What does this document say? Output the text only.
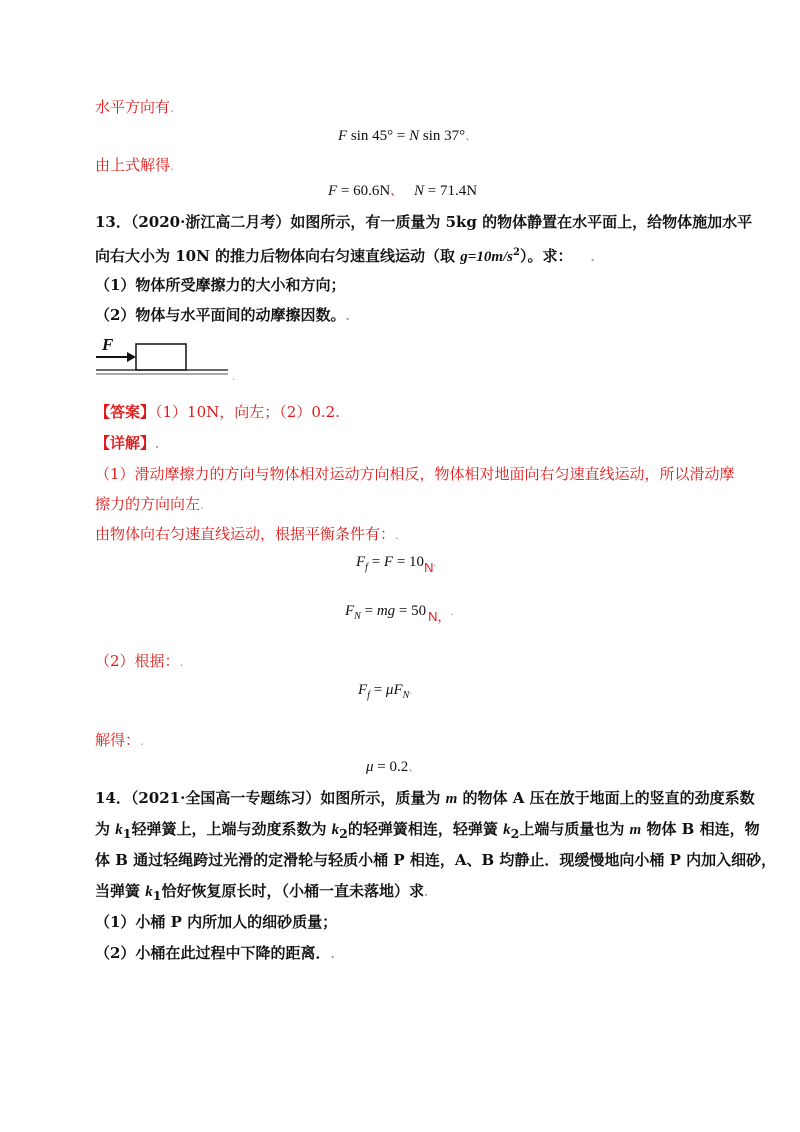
水平方向有.
F sin 45° = N sin 37°、
由上式解得.
F = 60.6N、 N = 71.4N
13．（2020·浙江高二月考）如图所示，有一质量为 5kg 的物体静置在水平面上，给物体施加水平
向右大小为 10N 的推力后物体向右匀速直线运动（取 $g=10m/s^2$）。求： .
（1）物体所受摩擦力的大小和方向；
（2）物体与水平面间的动摩擦因数。.
F
.
【答案】（1）10N，向左；（2）0.2.
【详解】.
（1）滑动摩擦力的方向与物体相对运动方向相反，物体相对地面向右匀速直线运动，所以滑动摩
擦力的方向向左.
由物体向右匀速直线运动，根据平衡条件有：.
$F_f = F = 10N$.
$F_N$ = mg = 50 N，.
（2）根据：.
$F_f = \mu F_N$.
解得：.
μ = 0.2、
14．（2021·全国高一专题练习）如图所示，质量为 m 的物体 A 压在放于地面上的竖直的劲度系数
为 $k_1$轻弹簧上，上端与劲度系数为 $k_2$的轻弹簧相连，轻弹簧 $k_2$上端与质量也为 m 物体 B 相连，物
体 B 通过轻绳跨过光滑的定滑轮与轻质小桶 P 相连，A、B 均静止．现缓慢地向小桶 P 内加入细砂，
当弹簧 $k_1$恰好恢复原长时，（小桶一直未落地）求.
（1）小桶 P 内所加人的细砂质量；
（2）小桶在此过程中下降的距离．.
